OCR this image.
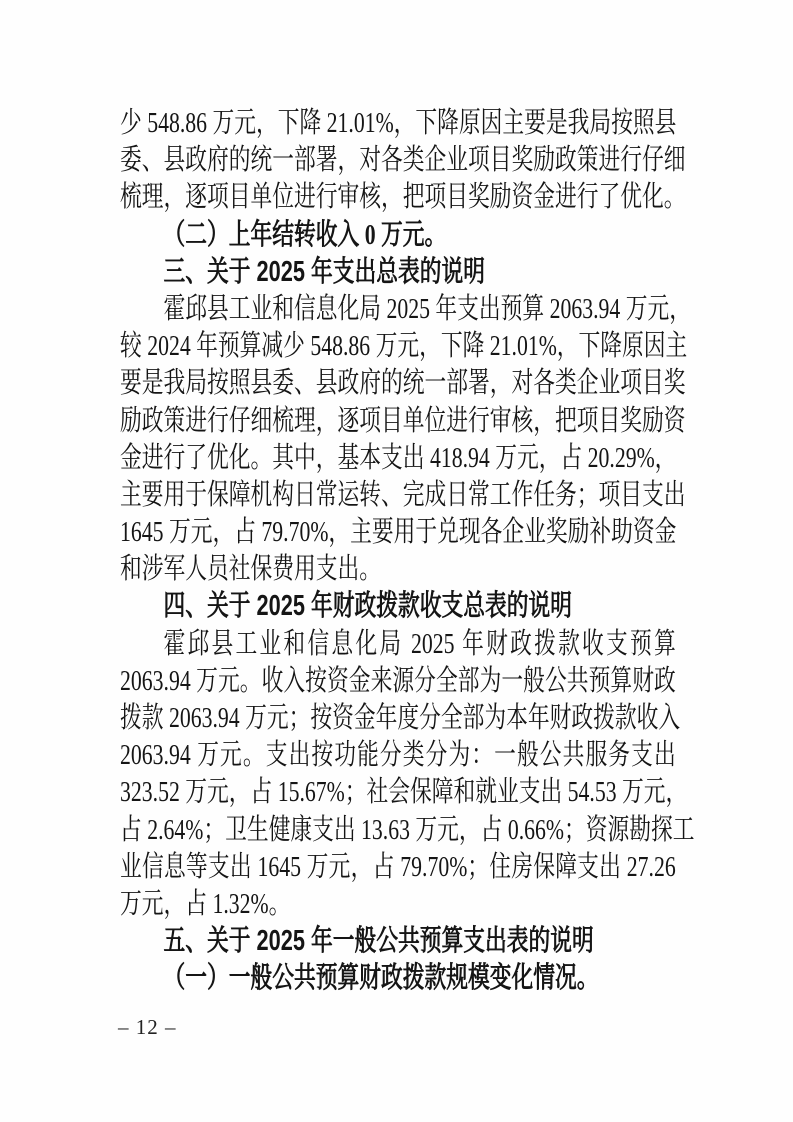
少 548.86 万元，下降 21.01%，下降原因主要是我局按照县
委、县政府的统一部署，对各类企业项目奖励政策进行仔细
梳理，逐项目单位进行审核，把项目奖励资金进行了优化。
（二）上年结转收入 0 万元。
三、关于 2025 年支出总表的说明
霍邱县工业和信息化局 2025 年支出预算 2063.94 万元，
较 2024 年预算减少 548.86 万元，下降 21.01%，下降原因主
要是我局按照县委、县政府的统一部署，对各类企业项目奖
励政策进行仔细梳理，逐项目单位进行审核，把项目奖励资
金进行了优化。其中，基本支出 418.94 万元，占 20.29%，
主要用于保障机构日常运转、完成日常工作任务；项目支出
1645 万元，占 79.70%，主要用于兑现各企业奖励补助资金
和涉军人员社保费用支出。
四、关于 2025 年财政拨款收支总表的说明
霍邱县工业和信息化局 2025 年财政拨款收支预算
2063.94 万元。收入按资金来源分全部为一般公共预算财政
拨款 2063.94 万元；按资金年度分全部为本年财政拨款收入
2063.94 万元。支出按功能分类分为：一般公共服务支出
323.52 万元，占 15.67%；社会保障和就业支出 54.53 万元，
占 2.64%；卫生健康支出 13.63 万元，占 0.66%；资源勘探工
业信息等支出 1645 万元，占 79.70%；住房保障支出 27.26
万元，占 1.32%。
五、关于 2025 年一般公共预算支出表的说明
（一）一般公共预算财政拨款规模变化情况。
– 12 –
